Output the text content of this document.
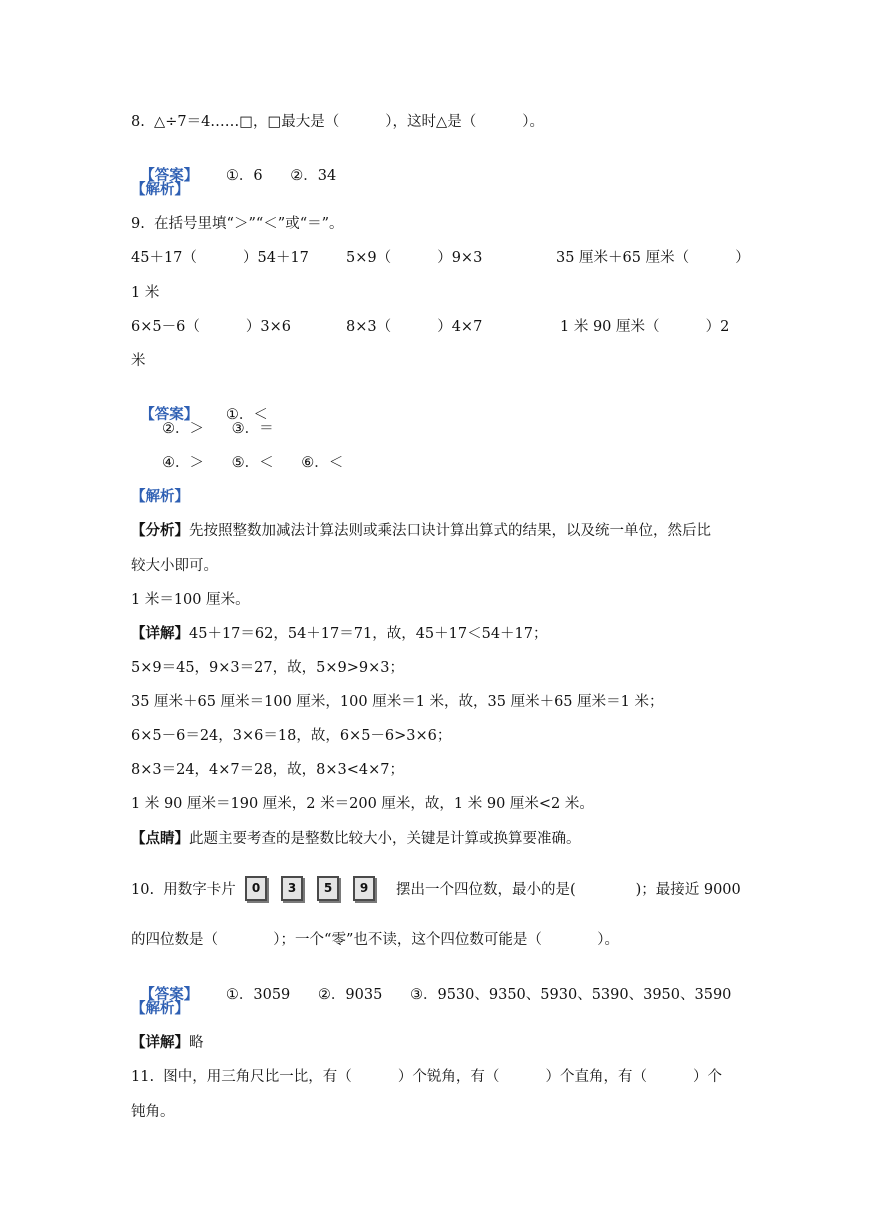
8.  △÷7＝4……□，□最大是（          ），这时△是（          ）。

【答案】 ①．6      ②．34

【解析】
9.  在括号里填“＞”“＜”或“＝”。
45＋17（          ）54＋17	5×9（          ）9×3	35 厘米＋65 厘米（          ）
1 米
6×5－6（          ）3×6	8×3（          ）4×7	1 米 90 厘米（          ）2
米

【答案】 ①．＜

②．＞      ③．＝
④．＞      ⑤．＜      ⑥．＜
【解析】
【分析】先按照整数加减法计算法则或乘法口诀计算出算式的结果，以及统一单位，然后比
较大小即可。
1 米＝100 厘米。
【详解】45＋17＝62，54＋17＝71，故，45＋17＜54＋17；
5×9＝45，9×3＝27，故，5×9>9×3；
35 厘米＋65 厘米＝100 厘米，100 厘米＝1 米，故，35 厘米＋65 厘米＝1 米；
6×5－6＝24，3×6＝18，故，6×5－6>3×6；
8×3＝24，4×7＝28，故，8×3<4×7；
1 米 90 厘米＝190 厘米，2 米＝200 厘米，故，1 米 90 厘米<2 米。
【点睛】此题主要考查的是整数比较大小，关键是计算或换算要准确。
10.  用数字卡片	0	3	5	9	摆出一个四位数，最小的是(             )；最接近 9000
的四位数是（            ）；一个“零”也不读，这个四位数可能是（            ）。

【答案】 ①．3059      ②．9035      ③．9530、9350、5930、5390、3950、3590

【解析】
【详解】略
11.  图中，用三角尺比一比，有（          ）个锐角，有（          ）个直角，有（          ）个
钝角。
